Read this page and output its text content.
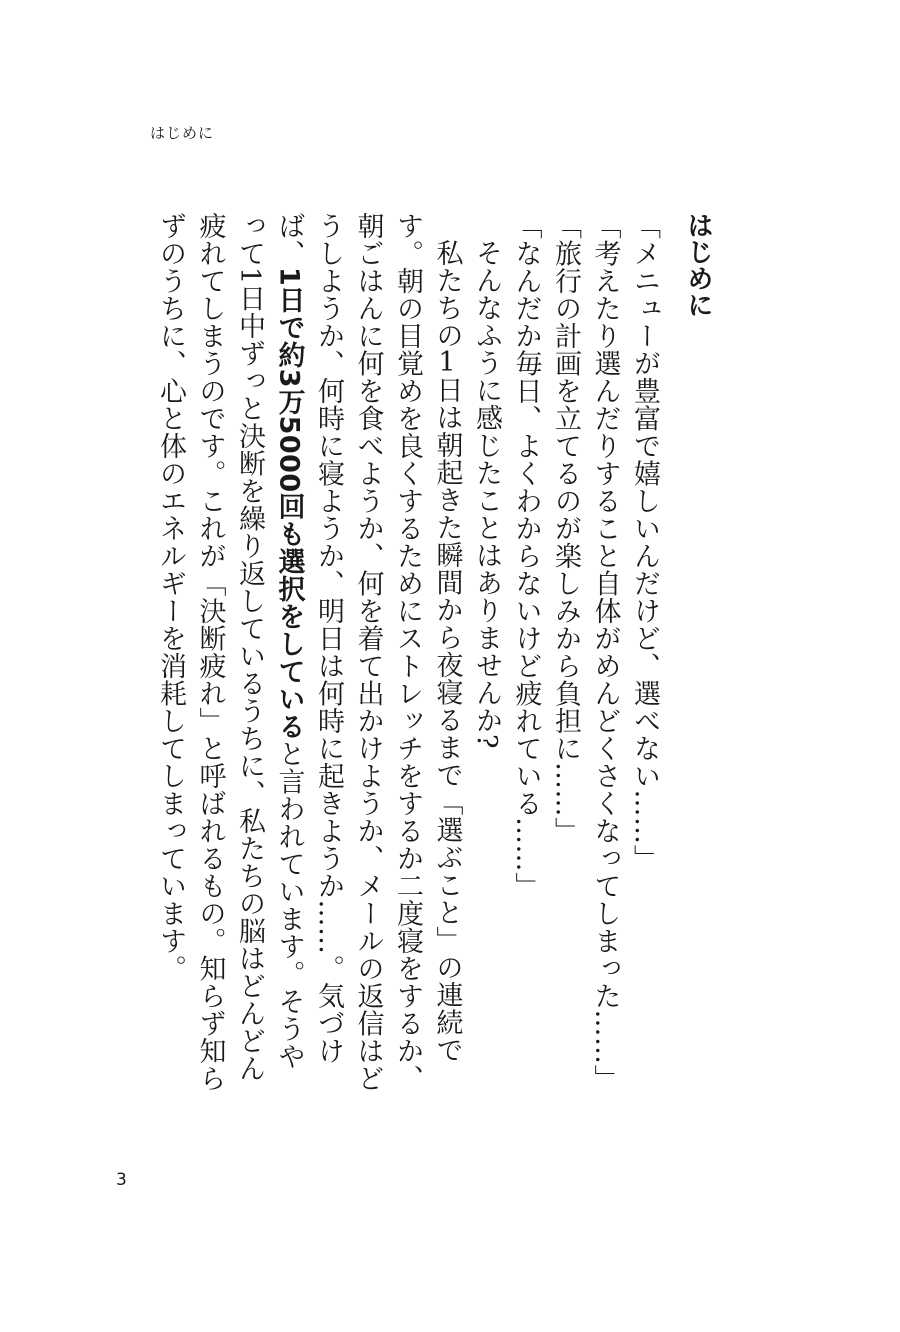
はじめに
はじめに

「メニューが豊富で嬉しいんだけど、選べない……」

「考えたり選んだりすること自体がめんどくさくなってしまった……」

「旅行の計画を立てるのが楽しみから負担に……」

「なんだか毎日、よくわからないけど疲れている……」

そんなふうに感じたことはありませんか?

私たちの1日は朝起きた瞬間から夜寝るまで「選ぶこと」の連続です。朝の目覚めを良くするためにストレッチをするか二度寝をするか、朝ごはんに何を食べようか、何を着て出かけようか、メールの返信はどうしようか、何時に寝ようか、明日は何時に起きようか……。気づけば、1日で約3万5000回も選択をしていると言われています。そうやって1日中ずっと決断を繰り返しているうちに、私たちの脳はどんどん疲れてしまうのです。これが「決断疲れ」と呼ばれるもの。知らず知らずのうちに、心と体のエネルギーを消耗してしまっています。

3
